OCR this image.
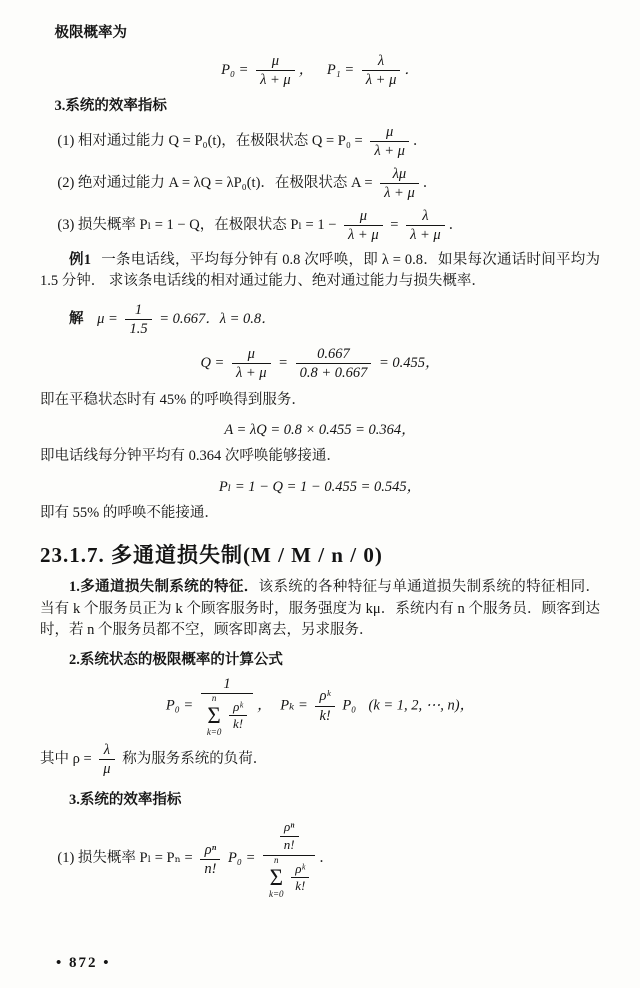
极限概率为
$P_0 = \frac{\mu}{\lambda + \mu}$ ， $P_1 = \frac{\lambda}{\lambda + \mu}$ ．
3.系统的效率指标
(1) 相对通过能力 Q = P₀(t)，在极限状态 $Q = P_0 = \frac{\mu}{\lambda + \mu}$ ．
(2) 绝对通过能力 A = λQ = λP₀(t)．在极限状态 $A = \frac{\lambda\mu}{\lambda + \mu}$ ．
(3) 损失概率 Pₗ = 1 − Q，在极限状态 $P_l = 1 - \frac{\mu}{\lambda + \mu} = \frac{\lambda}{\lambda + \mu}$ ．
例1 一条电话线，平均每分钟有 0.8 次呼唤，即 λ = 0.8．如果每次通话时间平均为 1.5 分钟． 求该条电话线的相对通过能力、绝对通过能力与损失概率．
解 $\mu = \frac{1}{1.5} = 0.667$．λ = 0.8．
$Q = \frac{\mu}{\lambda + \mu} = \frac{0.667}{0.8 + 0.667} = 0.455$，
即在平稳状态时有 45% 的呼唤得到服务．
A = λQ = 0.8 × 0.455 = 0.364，
即电话线每分钟平均有 0.364 次呼唤能够接通．
Pₗ = 1 − Q = 1 − 0.455 = 0.545，
即有 55% 的呼唤不能接通．
23.1.7. 多通道损失制(M / M / n / 0)
1.多通道损失制系统的特征．该系统的各种特征与单通道损失制系统的特征相同．当有 k 个服务员正为 k 个顾客服务时，服务强度为 kμ．系统内有 n 个服务员．顾客到达时，若 n 个服务员都不空，顾客即离去，另求服务．
2.系统状态的极限概率的计算公式
P₀ = 1
n
Σ
k=0
$\frac{\text{ρᵏ}}{k!}$ ， $P_k = \frac{\text{ρᵏ}}{k!} P_0$ (k = 1, 2, ⋯, n)，
其中 $\rho = \frac{\lambda}{\mu}$ 称为服务系统的负荷．
3.系统的效率指标
(1) 损失概率 $P_l = P_n = \frac{\text{ρⁿ}}{n!} P_0 = \frac{\text{ρⁿ}}{n!}$
n
Σ
k=0
$\frac{\text{ρᵏ}}{k!}$ ．
• 872 •
